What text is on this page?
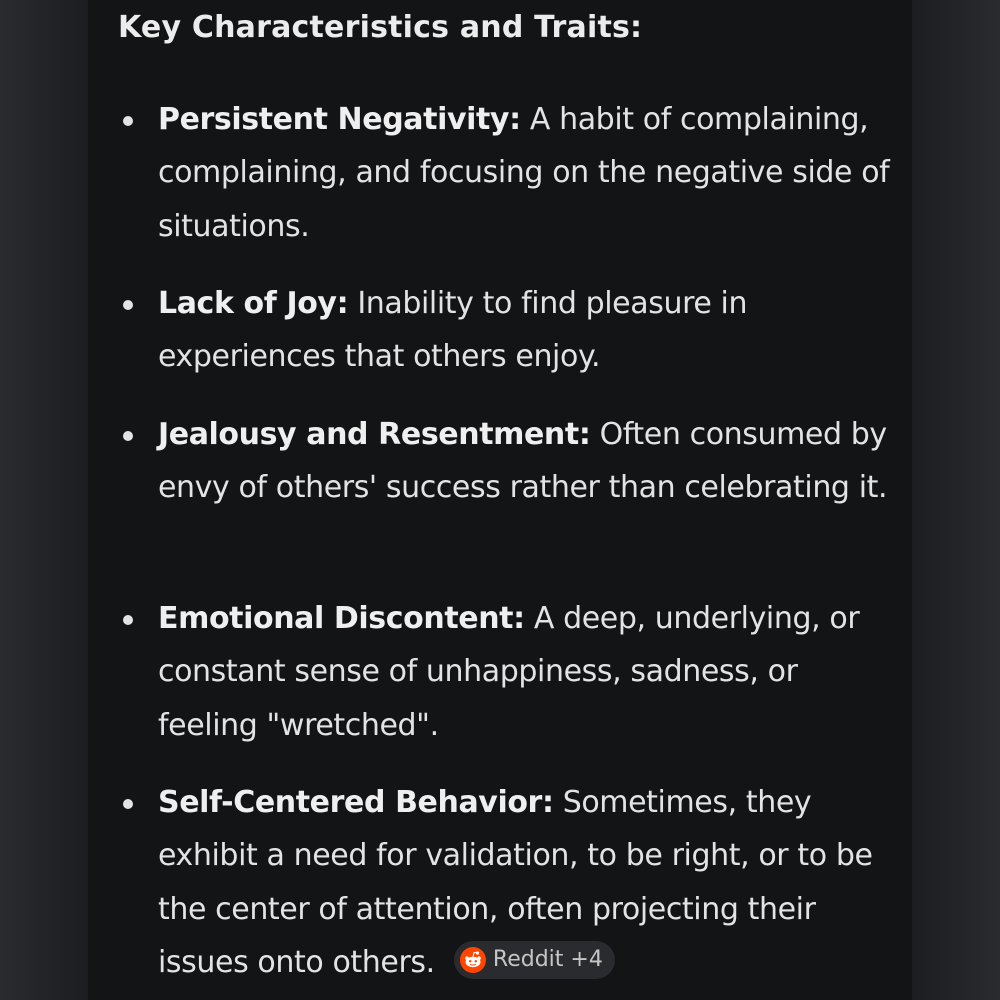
Key Characteristics and Traits:

Persistent Negativity: A habit of complaining, complaining, and focusing on the negative side of situations.

Lack of Joy: Inability to find pleasure in experiences that others enjoy.

Jealousy and Resentment: Often consumed by envy of others' success rather than celebrating it.

Emotional Discontent: A deep, underlying, or constant sense of unhappiness, sadness, or feeling "wretched".

Self-Centered Behavior: Sometimes, they exhibit a need for validation, to be right, or to be the center of attention, often projecting their issues onto others.	Reddit +4
